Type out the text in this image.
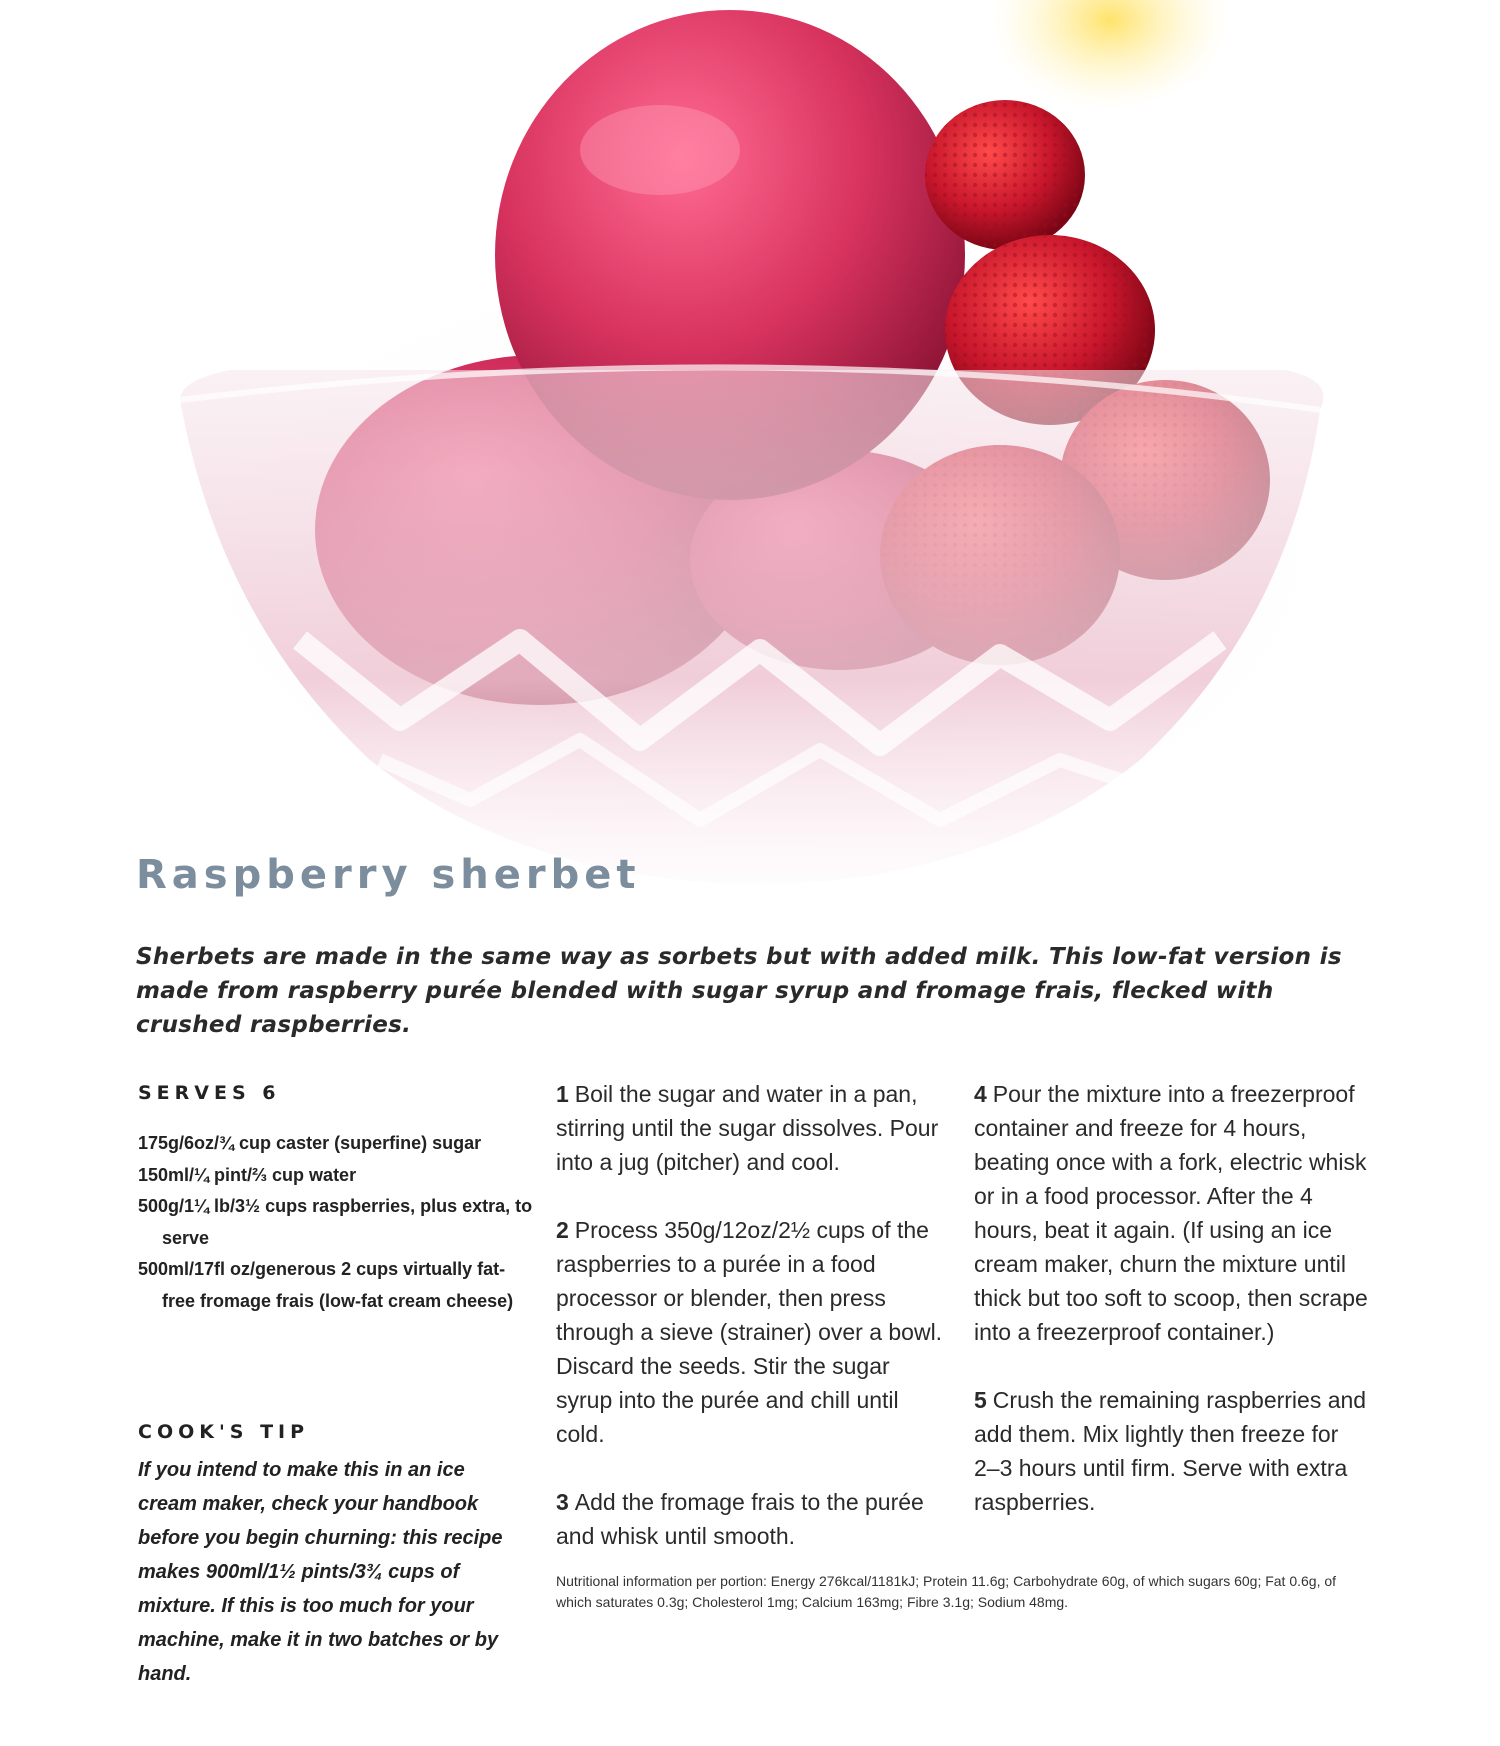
Raspberry sherbet

Sherbets are made in the same way as sorbets but with added milk. This low-fat version is made from raspberry purée blended with sugar syrup and fromage frais, flecked with crushed raspberries.

SERVES 6
175g/6oz/¾ cup caster (superfine) sugar
150ml/¼ pint/⅔ cup water
500g/1¼ lb/3½ cups raspberries, plus extra, to serve
500ml/17fl oz/generous 2 cups virtually fat-free fromage frais (low-fat cream cheese)
COOK'S TIP

If you intend to make this in an ice cream maker, check your handbook before you begin churning: this recipe makes 900ml/1½ pints/3¾ cups of mixture. If this is too much for your machine, make it in two batches or by hand.

1 Boil the sugar and water in a pan, stirring until the sugar dissolves. Pour into a jug (pitcher) and cool.

2 Process 350g/12oz/2½ cups of the raspberries to a purée in a food processor or blender, then press through a sieve (strainer) over a bowl. Discard the seeds. Stir the sugar syrup into the purée and chill until cold.

3 Add the fromage frais to the purée and whisk until smooth.

4 Pour the mixture into a freezerproof container and freeze for 4 hours, beating once with a fork, electric whisk or in a food processor. After the 4 hours, beat it again. (If using an ice cream maker, churn the mixture until thick but too soft to scoop, then scrape into a freezerproof container.)

5 Crush the remaining raspberries and add them. Mix lightly then freeze for 2–3 hours until firm. Serve with extra raspberries.

Nutritional information per portion: Energy 276kcal/1181kJ; Protein 11.6g; Carbohydrate 60g, of which sugars 60g; Fat 0.6g, of which saturates 0.3g; Cholesterol 1mg; Calcium 163mg; Fibre 3.1g; Sodium 48mg.
